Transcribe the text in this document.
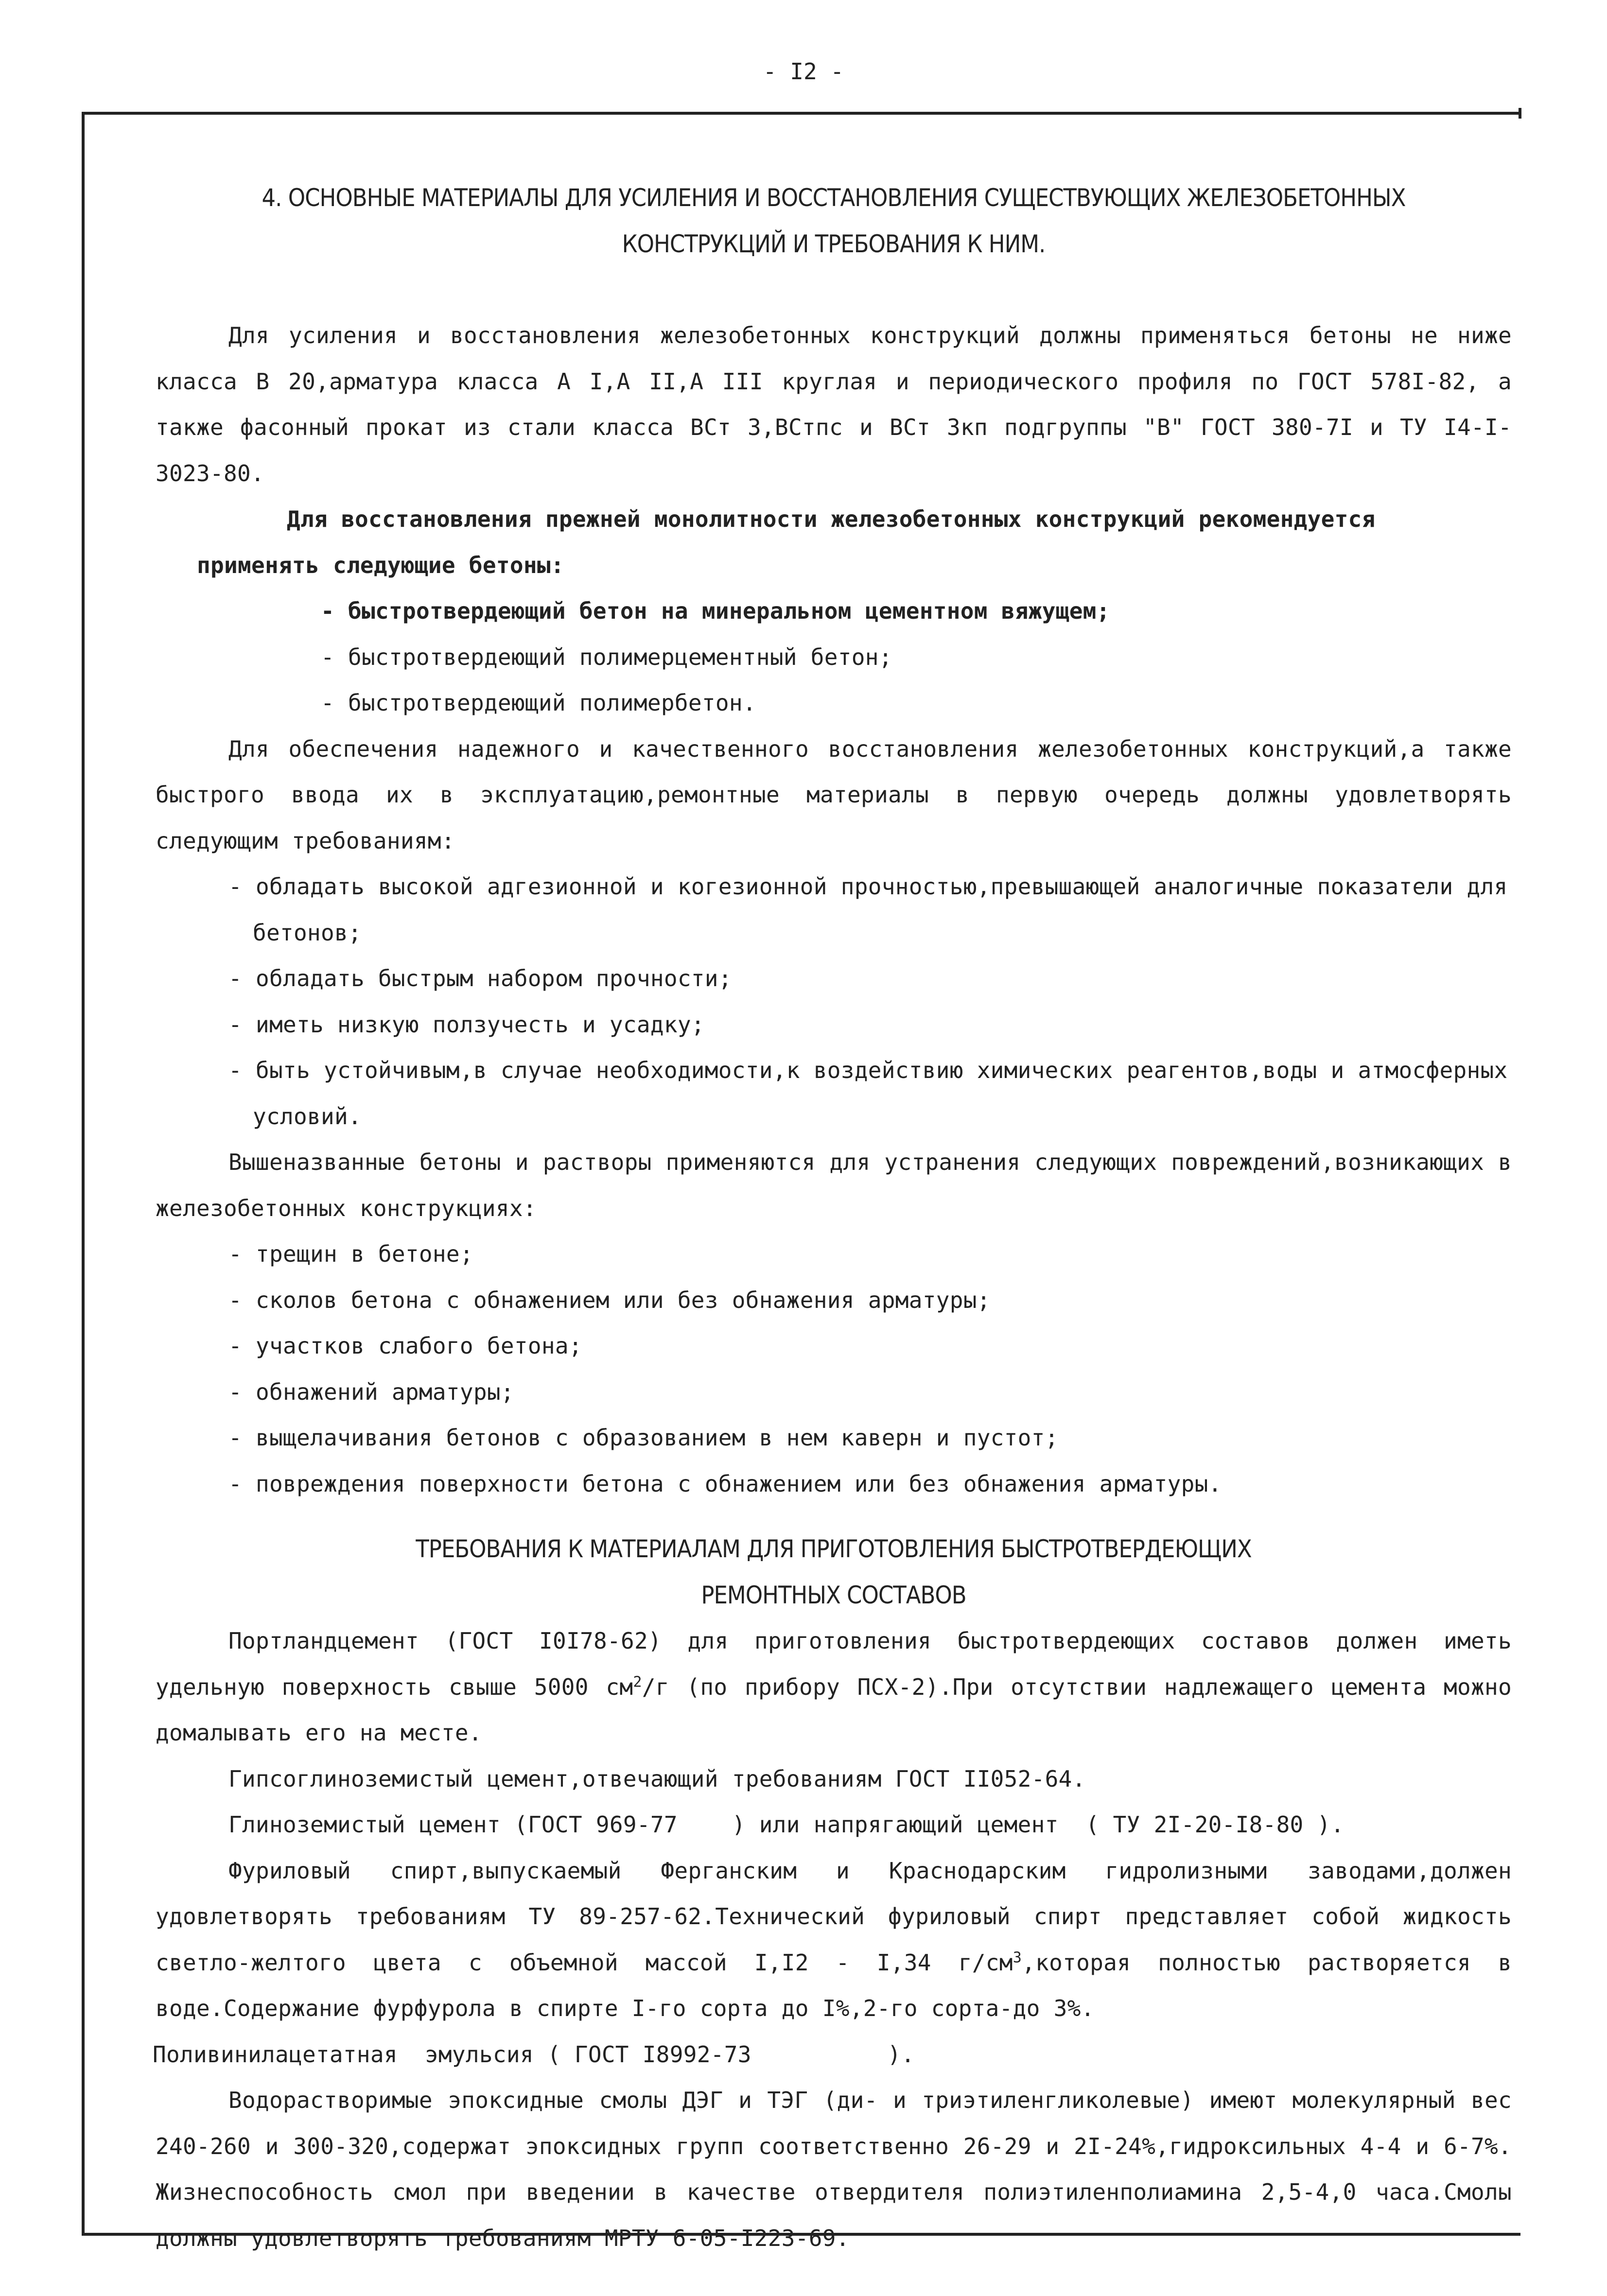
- I2 -
4. ОСНОВНЫЕ МАТЕРИАЛЫ ДЛЯ УСИЛЕНИЯ И ВОССТАНОВЛЕНИЯ СУЩЕСТВУЮЩИХ ЖЕЛЕЗОБЕТОННЫХ
КОНСТРУКЦИЙ И ТРЕБОВАНИЯ К НИМ.
Для усиления и восстановления железобетонных конструкций должны применяться бетоны не ниже класса В 20,арматура класса А I,А II,А III круглая и периодического профиля по ГОСТ 578I-82, а также фасонный прокат из стали класса ВСт 3,ВСтпс и ВСт 3кп подгруппы "В" ГОСТ 380-7I и ТУ I4-I-3023-80.
Для восстановления прежней монолитности железобетонных конструкций рекомендуется
применять следующие бетоны:
- быстротвердеющий бетон на минеральном цементном вяжущем;
- быстротвердеющий полимерцементный бетон;
- быстротвердеющий полимербетон.
Для обеспечения надежного и качественного восстановления железобетонных конструкций,а также быстрого ввода их в эксплуатацию,ремонтные материалы в первую очередь должны удовлетворять следующим требованиям:
- обладать высокой адгезионной и когезионной прочностью,превышающей аналогичные показатели для бетонов;
- обладать быстрым набором прочности;
- иметь низкую ползучесть и усадку;
- быть устойчивым,в случае необходимости,к воздействию химических реагентов,воды и атмосферных условий.
Вышеназванные бетоны и растворы применяются для устранения следующих повреждений,возникающих в железобетонных конструкциях:
- трещин в бетоне;
- сколов бетона с обнажением или без обнажения арматуры;
- участков слабого бетона;
- обнажений арматуры;
- выщелачивания бетонов с образованием в нем каверн и пустот;
- повреждения поверхности бетона с обнажением или без обнажения арматуры.
ТРЕБОВАНИЯ К МАТЕРИАЛАМ ДЛЯ ПРИГОТОВЛЕНИЯ БЫСТРОТВЕРДЕЮЩИХ
РЕМОНТНЫХ СОСТАВОВ
Портландцемент (ГОСТ I0I78-62) для приготовления быстротвердеющих составов должен иметь удельную поверхность свыше 5000 $см^2/г$ (по прибору ПСХ-2).При отсутствии надлежащего цемента можно домалывать его на месте.
Гипсоглиноземистый цемент,отвечающий требованиям ГОСТ II052-64.
Глиноземистый цемент (ГОСТ 969-77    ) или напрягающий цемент  ( ТУ 2I-20-I8-80 ).
Фуриловый спирт,выпускаемый Ферганским и Краснодарским гидролизными заводами,должен удовлетворять требованиям ТУ 89-257-62.Технический фуриловый спирт представляет собой жидкость светло-желтого цвета с объемной массой I,I2 - I,34 $г/см^3,которая$ полностью растворяется в воде.Содержание фурфурола в спирте I-го сорта до I%,2-го сорта-до 3%.
Поливинилацетатная  эмульсия ( ГОСТ I8992-73          ).
Водорастворимые эпоксидные смолы ДЭГ и ТЭГ (ди- и триэтиленгликолевые) имеют молекулярный вес 240-260 и 300-320,содержат эпоксидных групп соответственно 26-29 и 2I-24%,гидроксильных 4-4 и 6-7%. Жизнеспособность смол при введении в качестве отвердителя полиэтиленполиамина 2,5-4,0 часа.Смолы должны удовлетворять требованиям МРТУ 6-05-I223-69.
